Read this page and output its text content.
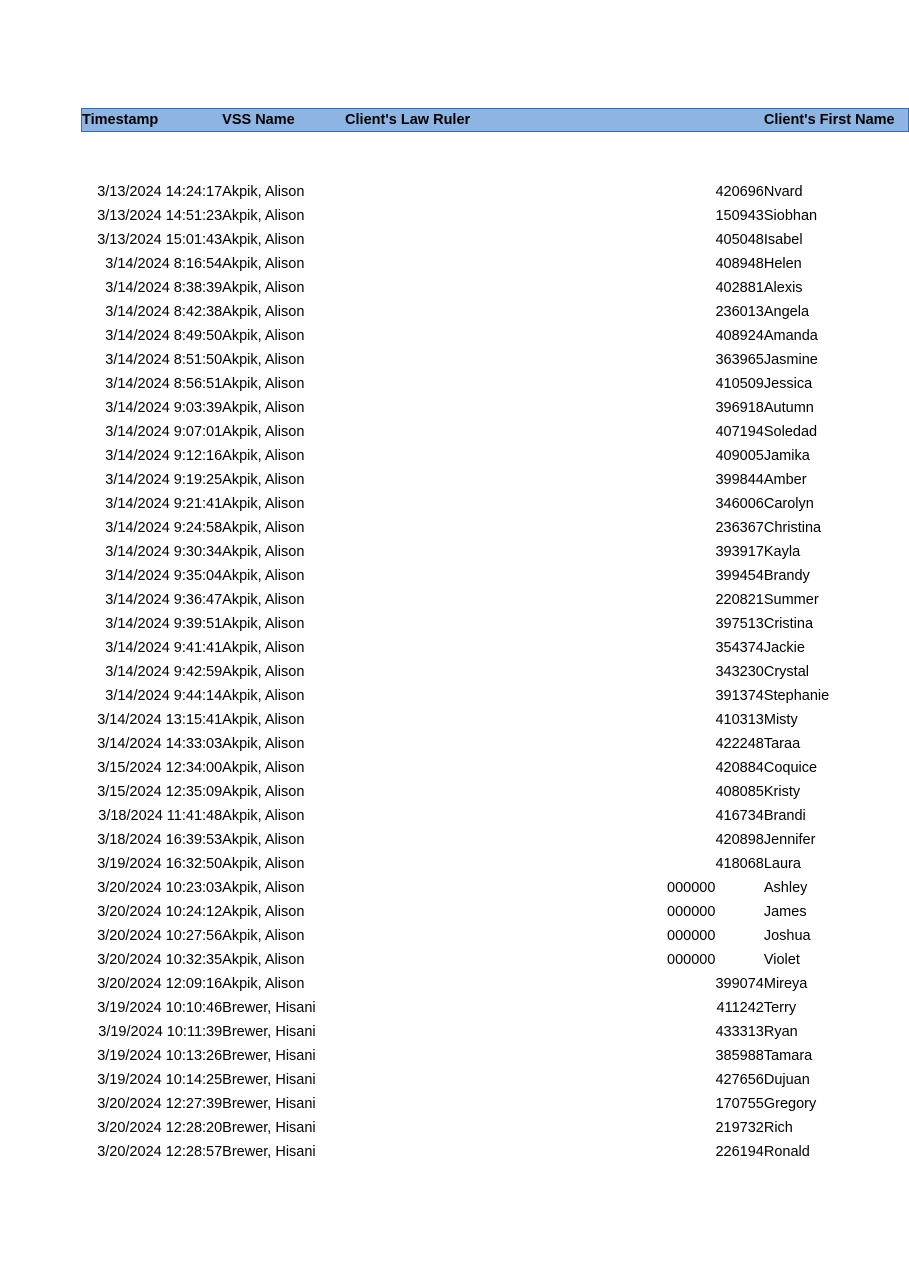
Timestamp	VSS Name	Client's Law Ruler	Client's First Name

3/13/2024 14:24:17	Akpik, Alison	420696	Nvard
3/13/2024 14:51:23	Akpik, Alison	150943	Siobhan
3/13/2024 15:01:43	Akpik, Alison	405048	Isabel
3/14/2024 8:16:54	Akpik, Alison	408948	Helen
3/14/2024 8:38:39	Akpik, Alison	402881	Alexis
3/14/2024 8:42:38	Akpik, Alison	236013	Angela
3/14/2024 8:49:50	Akpik, Alison	408924	Amanda
3/14/2024 8:51:50	Akpik, Alison	363965	Jasmine
3/14/2024 8:56:51	Akpik, Alison	410509	Jessica
3/14/2024 9:03:39	Akpik, Alison	396918	Autumn
3/14/2024 9:07:01	Akpik, Alison	407194	Soledad
3/14/2024 9:12:16	Akpik, Alison	409005	Jamika
3/14/2024 9:19:25	Akpik, Alison	399844	Amber
3/14/2024 9:21:41	Akpik, Alison	346006	Carolyn
3/14/2024 9:24:58	Akpik, Alison	236367	Christina
3/14/2024 9:30:34	Akpik, Alison	393917	Kayla
3/14/2024 9:35:04	Akpik, Alison	399454	Brandy
3/14/2024 9:36:47	Akpik, Alison	220821	Summer
3/14/2024 9:39:51	Akpik, Alison	397513	Cristina
3/14/2024 9:41:41	Akpik, Alison	354374	Jackie
3/14/2024 9:42:59	Akpik, Alison	343230	Crystal
3/14/2024 9:44:14	Akpik, Alison	391374	Stephanie
3/14/2024 13:15:41	Akpik, Alison	410313	Misty
3/14/2024 14:33:03	Akpik, Alison	422248	Taraa
3/15/2024 12:34:00	Akpik, Alison	420884	Coquice
3/15/2024 12:35:09	Akpik, Alison	408085	Kristy
3/18/2024 11:41:48	Akpik, Alison	416734	Brandi
3/18/2024 16:39:53	Akpik, Alison	420898	Jennifer
3/19/2024 16:32:50	Akpik, Alison	418068	Laura
3/20/2024 10:23:03	Akpik, Alison	000000	Ashley
3/20/2024 10:24:12	Akpik, Alison	000000	James
3/20/2024 10:27:56	Akpik, Alison	000000	Joshua
3/20/2024 10:32:35	Akpik, Alison	000000	Violet
3/20/2024 12:09:16	Akpik, Alison	399074	Mireya
3/19/2024 10:10:46	Brewer, Hisani	411242	Terry
3/19/2024 10:11:39	Brewer, Hisani	433313	Ryan
3/19/2024 10:13:26	Brewer, Hisani	385988	Tamara
3/19/2024 10:14:25	Brewer, Hisani	427656	Dujuan
3/20/2024 12:27:39	Brewer, Hisani	170755	Gregory
3/20/2024 12:28:20	Brewer, Hisani	219732	Rich
3/20/2024 12:28:57	Brewer, Hisani	226194	Ronald
